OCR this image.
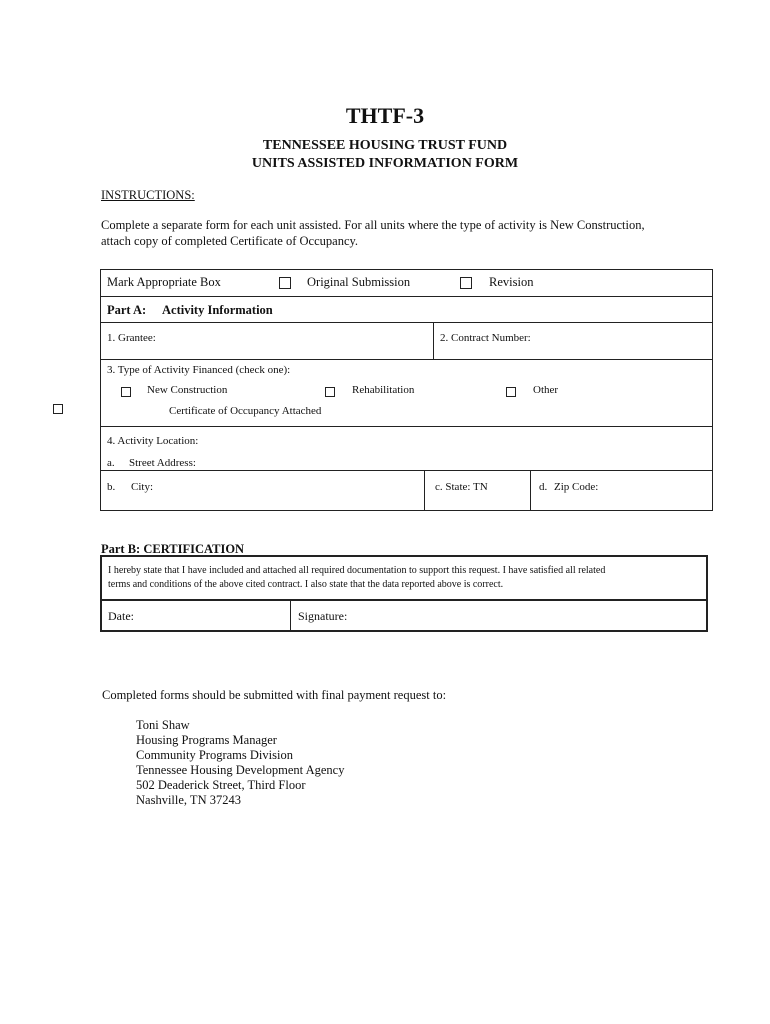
THTF-3
TENNESSEE HOUSING TRUST FUND
UNITS ASSISTED INFORMATION FORM
INSTRUCTIONS:
Complete a separate form for each unit assisted. For all units where the type of activity is New Construction,
attach copy of completed Certificate of Occupancy.
Mark Appropriate Box	Original Submission	Revision
Part A: Activity Information
1. Grantee:	2. Contract Number:
3. Type of Activity Financed (check one):
New Construction	Rehabilitation	Other
Certificate of Occupancy Attached
4. Activity Location:
a. Street Address:
b. City:	c. State: TN	d. Zip Code:
Part B: CERTIFICATION
I hereby state that I have included and attached all required documentation to support this request. I have satisfied all related
terms and conditions of the above cited contract. I also state that the data reported above is correct.
Date:	Signature:
Completed forms should be submitted with final payment request to:
Toni Shaw
Housing Programs Manager
Community Programs Division
Tennessee Housing Development Agency
502 Deaderick Street, Third Floor
Nashville, TN 37243
